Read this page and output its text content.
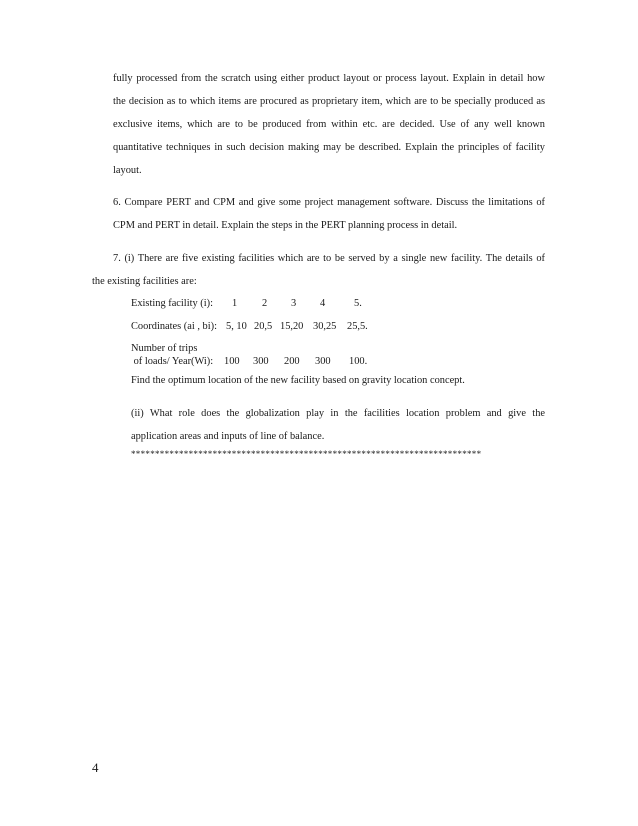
fully processed from the scratch using either product layout or process layout. Explain in detail how
the decision as to which items are procured as proprietary item, which are to be specially produced as
exclusive items, which are to be produced from within etc. are decided. Use of any well known
quantitative techniques in such decision making may be described. Explain the principles of facility
layout.
6. Compare PERT and CPM and give some project management software. Discuss the limitations of
CPM and PERT in detail. Explain the steps in the PERT planning process in detail.
7. (i) There are five existing facilities which are to be served by a single new facility. The details of
the existing facilities are:
Existing facility (i): 1 2 3 4	5.
Coordinates (ai , bi): 5, 10 20,5 15,20 30,25 25,5.
Number of trips
of loads/ Year(Wi): 100 300 200 300 100.
Find the optimum location of the new facility based on gravity location concept.
(ii) What role does the globalization play in the facilities location problem and give the
application areas and inputs of line of balance.
*************************************************************************
4
